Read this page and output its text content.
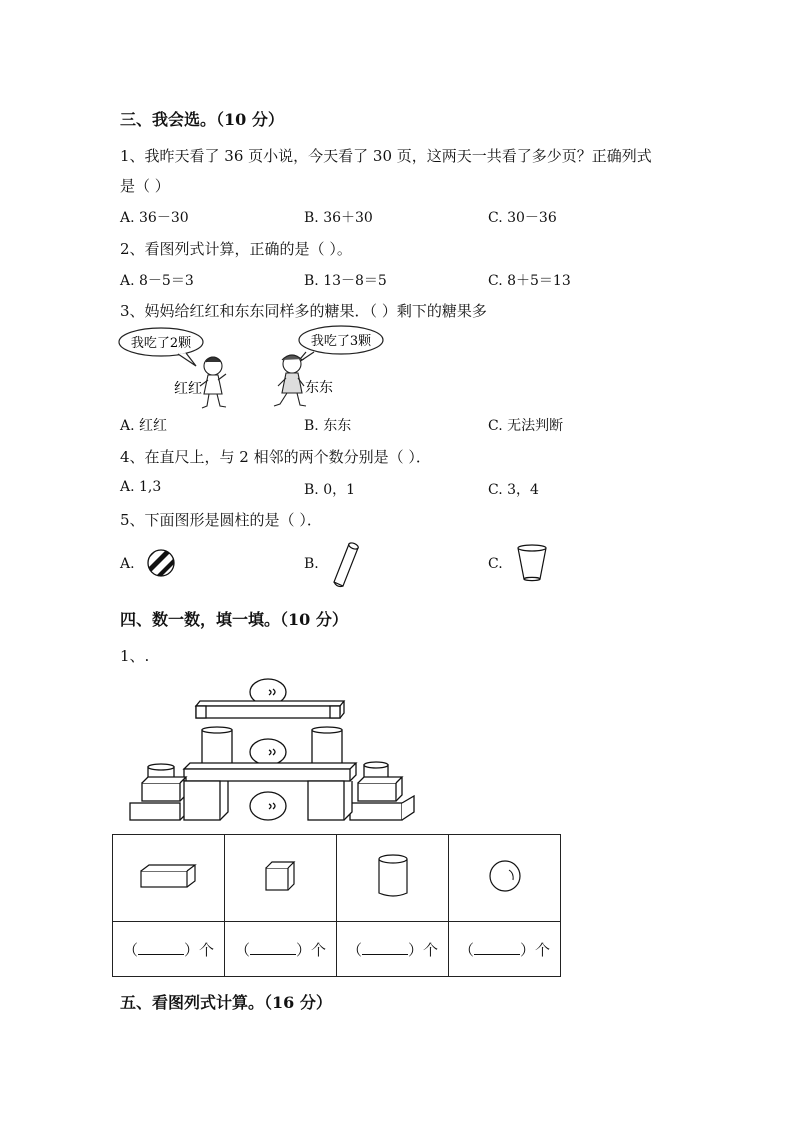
三、我会选。（10 分）
1、我昨天看了 36 页小说，今天看了 30 页，这两天一共看了多少页？正确列式
是（ ）
A. 36－30	B. 36＋30	C. 30－36
2、看图列式计算，正确的是（ ）。
A. 8－5＝3	B. 13－8＝5	C. 8＋5＝13
3、妈妈给红红和东东同样多的糖果．（ ）剩下的糖果多
我吃了2颗	我吃了3颗
红红	东东
A. 红红	B. 东东	C. 无法判断
4、在直尺上，与 2 相邻的两个数分别是（ ）．
A. 1,3	B. 0，1	C. 3，4
5、下面图形是圆柱的是（ ）．
A.	B.	C.
四、数一数，填一填。（10 分）
1、.

（ ）个	（ ）个	（ ）个	（ ）个
五、看图列式计算。（16 分）
